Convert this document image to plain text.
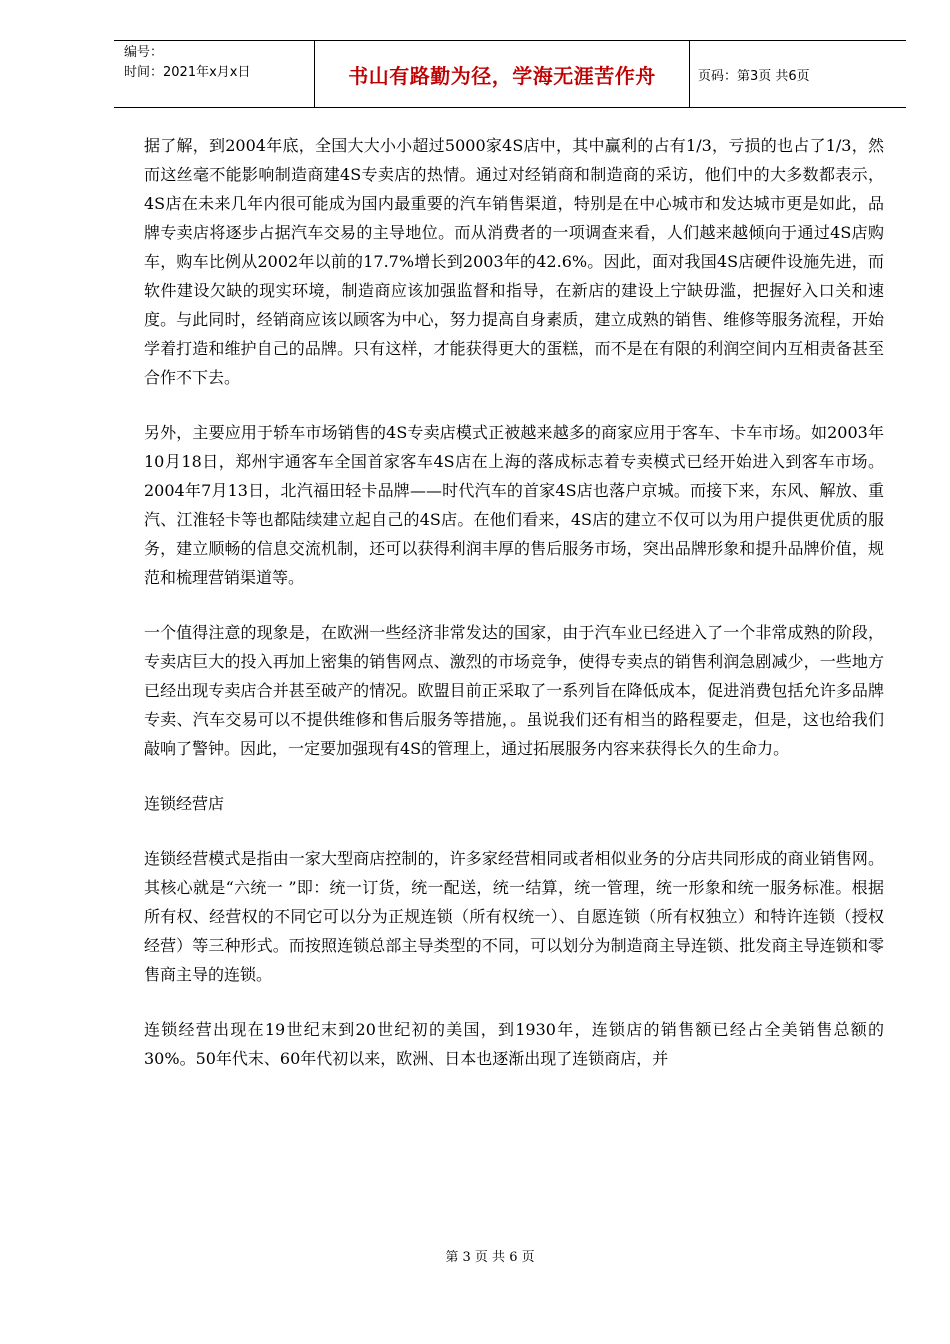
编号：
时间：2021年x月x日	书山有路勤为径，学海无涯苦作舟	页码：第3页 共6页

据了解，到2004年底，全国大大小小超过5000家4S店中，其中赢利的占有1/3，亏损的也占了1/3，然而这丝毫不能影响制造商建4S专卖店的热情。通过对经销商和制造商的采访，他们中的大多数都表示，4S店在未来几年内很可能成为国内最重要的汽车销售渠道，特别是在中心城市和发达城市更是如此，品牌专卖店将逐步占据汽车交易的主导地位。而从消费者的一项调查来看，人们越来越倾向于通过4S店购车，购车比例从2002年以前的17.7%增长到2003年的42.6%。因此，面对我国4S店硬件设施先进，而软件建设欠缺的现实环境，制造商应该加强监督和指导，在新店的建设上宁缺毋滥，把握好入口关和速度。与此同时，经销商应该以顾客为中心，努力提高自身素质，建立成熟的销售、维修等服务流程，开始学着打造和维护自己的品牌。只有这样，才能获得更大的蛋糕，而不是在有限的利润空间内互相责备甚至合作不下去。

另外，主要应用于轿车市场销售的4S专卖店模式正被越来越多的商家应用于客车、卡车市场。如2003年10月18日，郑州宇通客车全国首家客车4S店在上海的落成标志着专卖模式已经开始进入到客车市场。2004年7月13日，北汽福田轻卡品牌——时代汽车的首家4S店也落户京城。而接下来，东风、解放、重汽、江淮轻卡等也都陆续建立起自己的4S店。在他们看来，4S店的建立不仅可以为用户提供更优质的服务，建立顺畅的信息交流机制，还可以获得利润丰厚的售后服务市场，突出品牌形象和提升品牌价值，规范和梳理营销渠道等。

一个值得注意的现象是，在欧洲一些经济非常发达的国家，由于汽车业已经进入了一个非常成熟的阶段，专卖店巨大的投入再加上密集的销售网点、激烈的市场竞争，使得专卖点的销售利润急剧减少，一些地方已经出现专卖店合并甚至破产的情况。欧盟目前正采取了一系列旨在降低成本，促进消费包括允许多品牌专卖、汽车交易可以不提供维修和售后服务等措施，。虽说我们还有相当的路程要走，但是，这也给我们敲响了警钟。因此，一定要加强现有4S的管理上，通过拓展服务内容来获得长久的生命力。

连锁经营店

连锁经营模式是指由一家大型商店控制的，许多家经营相同或者相似业务的分店共同形成的商业销售网。其核心就是“六统一 ”即：统一订货，统一配送，统一结算，统一管理，统一形象和统一服务标准。根据所有权、经营权的不同它可以分为正规连锁（所有权统一）、自愿连锁（所有权独立）和特许连锁（授权经营）等三种形式。而按照连锁总部主导类型的不同，可以划分为制造商主导连锁、批发商主导连锁和零售商主导的连锁。

连锁经营出现在19世纪末到20世纪初的美国，到1930年，连锁店的销售额已经占全美销售总额的30%。50年代末、60年代初以来，欧洲、日本也逐渐出现了连锁商店，并

第 3 页 共 6 页
